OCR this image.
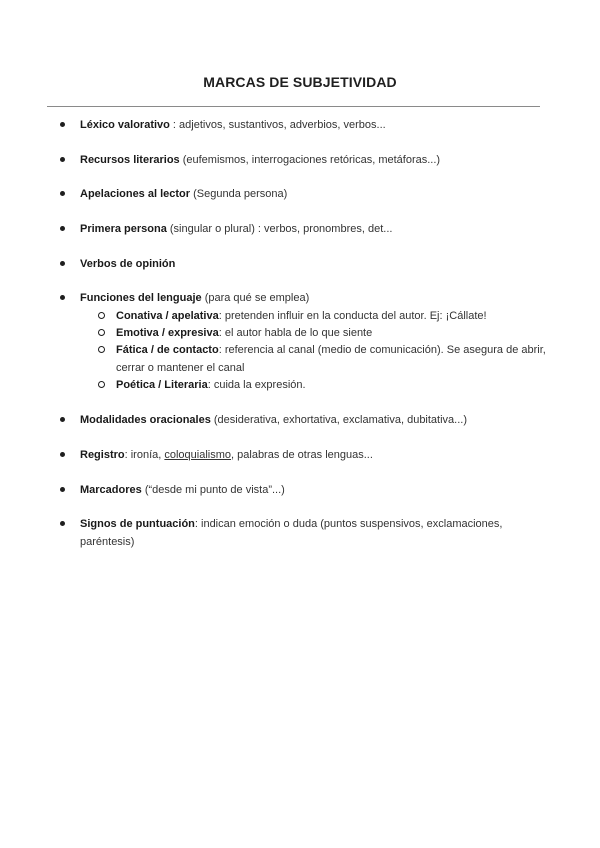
MARCAS DE SUBJETIVIDAD
Léxico valorativo : adjetivos, sustantivos, adverbios, verbos...
Recursos literarios (eufemismos, interrogaciones retóricas, metáforas...)
Apelaciones al lector (Segunda persona)
Primera persona (singular o plural) : verbos, pronombres, det...
Verbos de opinión
Funciones del lenguaje (para qué se emplea)
Conativa / apelativa: pretenden influir en la conducta del autor. Ej: ¡Cállate!
Emotiva / expresiva: el autor habla de lo que siente
Fática / de contacto: referencia al canal (medio de comunicación). Se asegura de abrir, cerrar o mantener el canal
Poética / Literaria: cuida la expresión.
Modalidades oracionales (desiderativa, exhortativa, exclamativa, dubitativa...)
Registro: ironía, coloquialismo, palabras de otras lenguas...
Marcadores (“desde mi punto de vista”...)
Signos de puntuación: indican emoción o duda (puntos suspensivos, exclamaciones, paréntesis)
